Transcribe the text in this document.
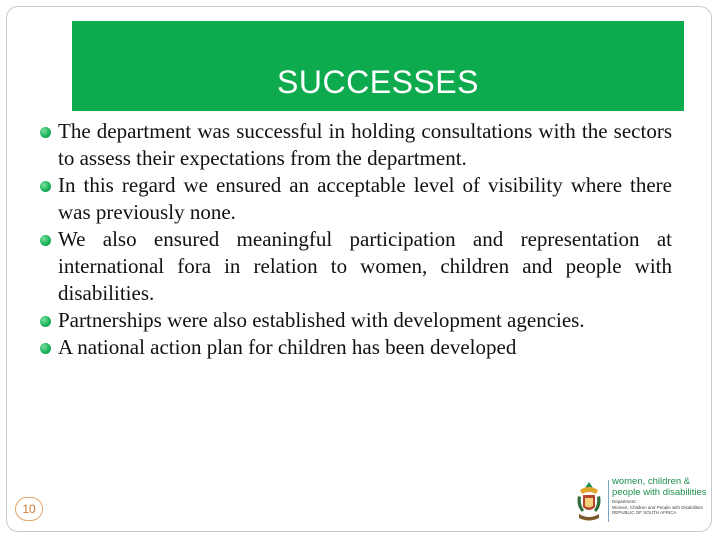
SUCCESSES
The department was successful in holding consultations with the sectors to assess their expectations from the department.
In this regard we ensured an acceptable level of visibility where there was previously none.
We also ensured meaningful participation and representation at international fora in relation to women, children and people with disabilities.
Partnerships were also established with development agencies.
A national action plan for children has been developed
10
women, children &
people with disabilities
Department:
Women, Children and People with Disabilities
REPUBLIC OF SOUTH AFRICA
